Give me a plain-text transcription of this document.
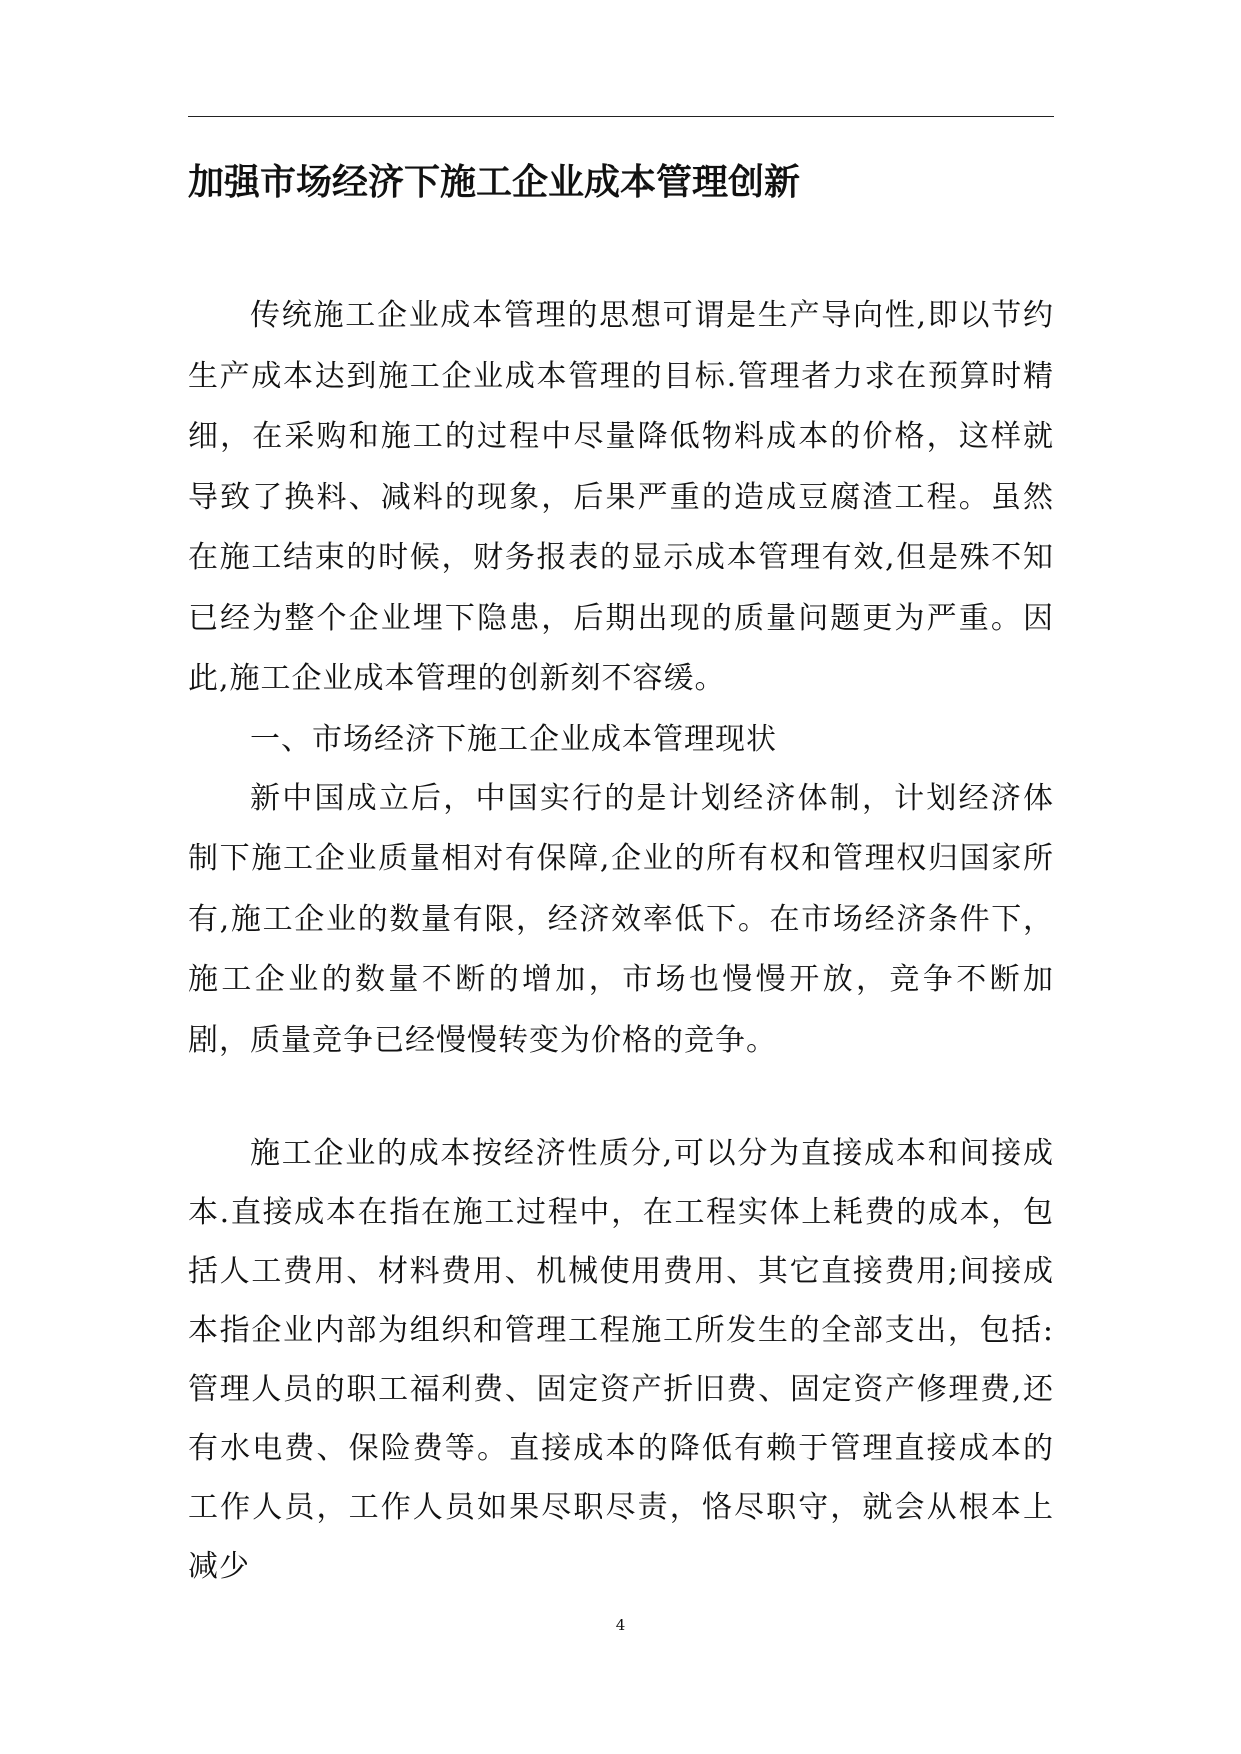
加强市场经济下施工企业成本管理创新

传统施工企业成本管理的思想可谓是生产导向性,即以节约生产成本达到施工企业成本管理的目标.管理者力求在预算时精细，在采购和施工的过程中尽量降低物料成本的价格，这样就导致了换料、减料的现象，后果严重的造成豆腐渣工程。虽然在施工结束的时候，财务报表的显示成本管理有效,但是殊不知已经为整个企业埋下隐患，后期出现的质量问题更为严重。因此,施工企业成本管理的创新刻不容缓。

一、市场经济下施工企业成本管理现状

新中国成立后，中国实行的是计划经济体制，计划经济体制下施工企业质量相对有保障,企业的所有权和管理权归国家所有,施工企业的数量有限，经济效率低下。在市场经济条件下，施工企业的数量不断的增加，市场也慢慢开放，竞争不断加剧，质量竞争已经慢慢转变为价格的竞争。

施工企业的成本按经济性质分,可以分为直接成本和间接成本.直接成本在指在施工过程中，在工程实体上耗费的成本，包括人工费用、材料费用、机械使用费用、其它直接费用;间接成本指企业内部为组织和管理工程施工所发生的全部支出，包括:管理人员的职工福利费、固定资产折旧费、固定资产修理费,还有水电费、保险费等。直接成本的降低有赖于管理直接成本的工作人员，工作人员如果尽职尽责，恪尽职守，就会从根本上减少

4
